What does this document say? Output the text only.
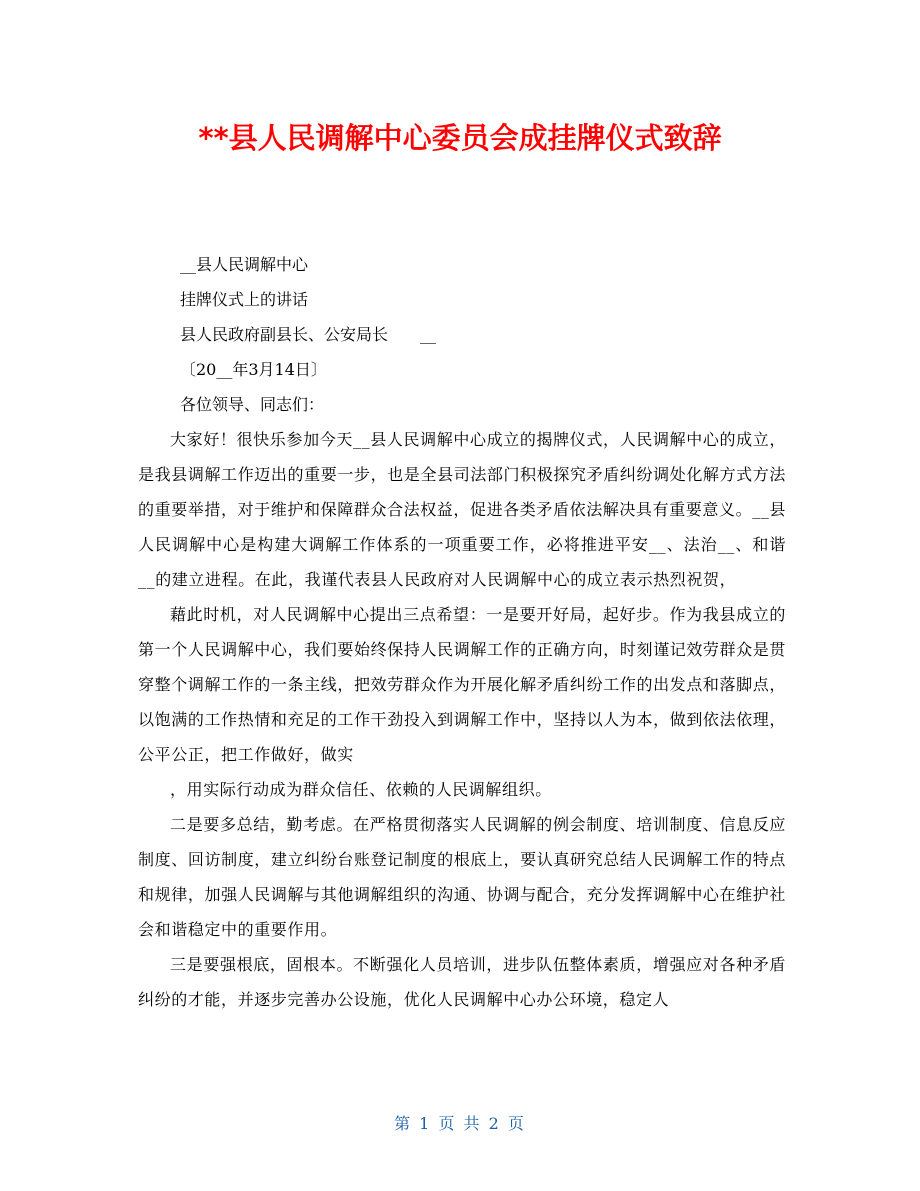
**县人民调解中心委员会成挂牌仪式致辞
__县人民调解中心
挂牌仪式上的讲话
县人民政府副县长、公安局长　　__
〔20__年3月14日〕
各位领导、同志们：

大家好！很快乐参加今天__县人民调解中心成立的揭牌仪式，人民调解中心的成立，是我县调解工作迈出的重要一步，也是全县司法部门积极探究矛盾纠纷调处化解方式方法的重要举措，对于维护和保障群众合法权益，促进各类矛盾依法解决具有重要意义。__县人民调解中心是构建大调解工作体系的一项重要工作，必将推进平安__、法治__、和谐__的建立进程。在此，我谨代表县人民政府对人民调解中心的成立表示热烈祝贺，

藉此时机，对人民调解中心提出三点希望：一是要开好局，起好步。作为我县成立的第一个人民调解中心，我们要始终保持人民调解工作的正确方向，时刻谨记效劳群众是贯穿整个调解工作的一条主线，把效劳群众作为开展化解矛盾纠纷工作的出发点和落脚点，以饱满的工作热情和充足的工作干劲投入到调解工作中，坚持以人为本，做到依法依理，公平公正，把工作做好，做实

，用实际行动成为群众信任、依赖的人民调解组织。

二是要多总结，勤考虑。在严格贯彻落实人民调解的例会制度、培训制度、信息反应制度、回访制度，建立纠纷台账登记制度的根底上，要认真研究总结人民调解工作的特点和规律，加强人民调解与其他调解组织的沟通、协调与配合，充分发挥调解中心在维护社会和谐稳定中的重要作用。

三是要强根底，固根本。不断强化人员培训，进步队伍整体素质，增强应对各种矛盾纠纷的才能，并逐步完善办公设施，优化人民调解中心办公环境，稳定人

第 1 页 共 2 页
